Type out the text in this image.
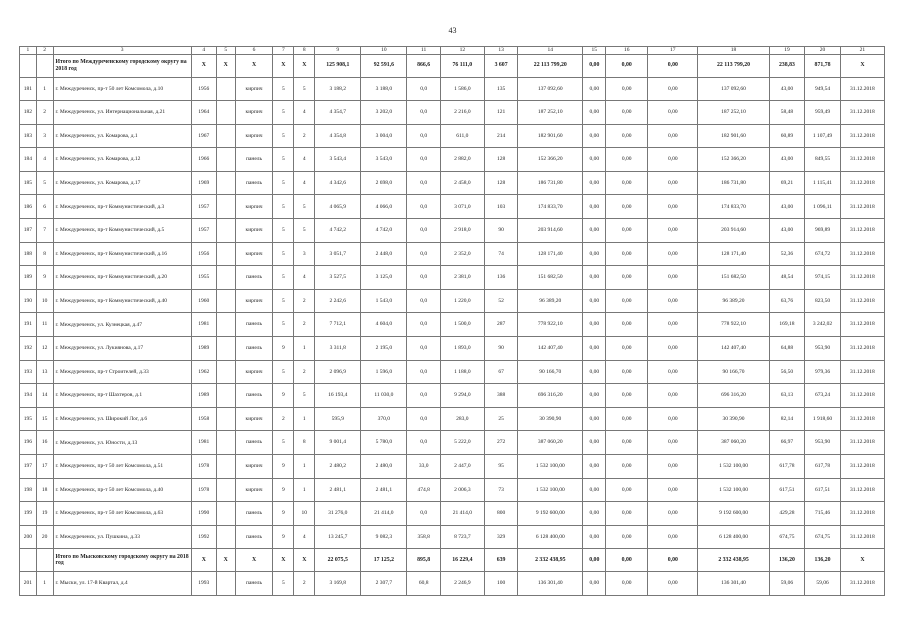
43
1	2	3	4	5	6	7	8	9	10	11	12	13	14	15	16	17	18	19	20	21
		Итого по Междуреченскому городскому округу на 2018 год	X	X	X	X	X	125 908,1	92 591,6	866,6	76 111,0	3 607	22 113 799,20	0,00	0,00	0,00	22 113 799,20	238,83	871,78	X
181	1	г. Междуреченск, пр-т 50 лет Комсомола, д.10	1956		кирпич	5	5	3 188,2	3 188,0	0,0	1 586,0	135	137 092,60	0,00	0,00	0,00	137 092,60	43,00	949,54	31.12.2018
182	2	г. Междуреченск, ул. Интернациональная, д.21	1964		кирпич	5	4	4 354,7	3 202,0	0,0	2 216,0	121	187 252,10	0,00	0,00	0,00	187 252,10	58,48	959,49	31.12.2018
183	3	г. Междуреченск, ул. Комарова, д.1	1967		кирпич	5	2	4 354,8	3 004,0	0,0	611,0	214	182 901,60	0,00	0,00	0,00	182 901,60	60,89	1 107,49	31.12.2018
184	4	г. Междуреченск, ул. Комарова, д.12	1966		панель	5	4	3 543,4	3 543,0	0,0	2 882,0	128	152 366,20	0,00	0,00	0,00	152 366,20	43,00	849,55	31.12.2018
185	5	г. Междуреченск, ул. Комарова, д.17	1969		панель	5	4	4 342,6	2 698,0	0,0	2 458,0	128	186 731,80	0,00	0,00	0,00	186 731,80	69,21	1 115,41	31.12.2018
186	6	г. Междуреченск, пр-т Коммунистический, д.3	1957		кирпич	5	5	4 065,9	4 066,0	0,0	3 071,0	103	174 833,70	0,00	0,00	0,00	174 833,70	43,00	1 096,11	31.12.2018
187	7	г. Междуреченск, пр-т Коммунистический, д.5	1957		кирпич	5	5	4 742,2	4 742,0	0,0	2 918,0	90	203 914,60	0,00	0,00	0,00	203 914,60	43,00	969,89	31.12.2018
188	8	г. Междуреченск, пр-т Коммунистический, д.16	1956		кирпич	5	3	3 051,7	2 448,0	0,0	2 352,0	74	128 171,40	0,00	0,00	0,00	128 171,40	52,36	674,72	31.12.2018
189	9	г. Междуреченск, пр-т Коммунистический, д.20	1955		панель	5	4	3 527,5	3 125,0	0,0	2 381,0	136	151 682,50	0,00	0,00	0,00	151 682,50	48,54	974,15	31.12.2018
190	10	г. Междуреченск, пр-т Коммунистический, д.40	1960		кирпич	5	2	2 242,6	1 543,0	0,0	1 220,0	52	96 389,20	0,00	0,00	0,00	96 389,20	63,76	823,50	31.12.2018
191	11	г. Междуреченск, ул. Кузнецкая, д.47	1981		панель	5	2	7 712,1	4 604,0	0,0	1 500,0	287	778 922,10	0,00	0,00	0,00	778 922,10	169,18	3 242,02	31.12.2018
192	12	г. Междуреченск, ул. Лукиянова, д.17	1989		панель	9	1	3 311,8	2 195,0	0,0	1 893,0	90	142 407,40	0,00	0,00	0,00	142 407,40	64,88	953,90	31.12.2018
193	13	г. Междуреченск, пр-т Строителей, д.33	1962		кирпич	5	2	2 096,9	1 596,0	0,0	1 188,0	67	90 166,70	0,00	0,00	0,00	90 166,70	56,50	979,36	31.12.2018
194	14	г. Междуреченск, пр-т Шахтеров, д.1	1989		панель	9	5	16 193,4	11 030,0	0,0	9 294,0	388	696 316,20	0,00	0,00	0,00	696 316,20	63,13	673,24	31.12.2018
195	15	г. Междуреченск, ул. Широкий Лог, д.6	1958		кирпич	2	1	595,9	370,0	0,0	283,0	25	30 390,90	0,00	0,00	0,00	30 390,90	82,14	1 918,60	31.12.2018
196	16	г. Междуреченск, ул. Юности, д.13	1981		панель	5	8	9 001,4	5 780,0	0,0	5 222,0	272	387 060,20	0,00	0,00	0,00	387 060,20	66,97	953,90	31.12.2018
197	17	г. Междуреченск, пр-т 50 лет Комсомола, д.51	1978		кирпич	9	1	2 480,2	2 480,0	33,0	2 447,0	95	1 532 100,00	0,00	0,00	0,00	1 532 100,00	617,78	617,78	31.12.2018
198	18	г. Междуреченск, пр-т 50 лет Комсомола, д.40	1978		кирпич	9	1	2 481,1	2 481,1	474,8	2 006,3	73	1 532 100,00	0,00	0,00	0,00	1 532 100,00	617,51	617,51	31.12.2018
199	19	г. Междуреченск, пр-т 50 лет Комсомола, д.63	1990		панель	9	10	31 276,0	21 414,0	0,0	21 414,0	800	9 192 600,00	0,00	0,00	0,00	9 192 600,00	429,28	715,46	31.12.2018
200	20	г. Междуреченск, ул. Пушкина, д.33	1992		панель	9	4	13 245,7	9 082,3	358,8	8 723,7	329	6 128 400,00	0,00	0,00	0,00	6 128 400,00	674,75	674,75	31.12.2018
		Итого по Мысковскому городскому округу на 2018 год	X	X	X	X	X	22 075,5	17 125,2	895,8	16 229,4	639	2 332 438,95	0,00	0,00	0,00	2 332 438,95	136,20	136,20	X
201	1	г. Мыски, ул. 17-й Квартал, д.4	1993		панель	5	2	3 169,8	2 307,7	60,8	2 246,9	100	136 301,40	0,00	0,00	0,00	136 301,40	59,06	59,06	31.12.2018
